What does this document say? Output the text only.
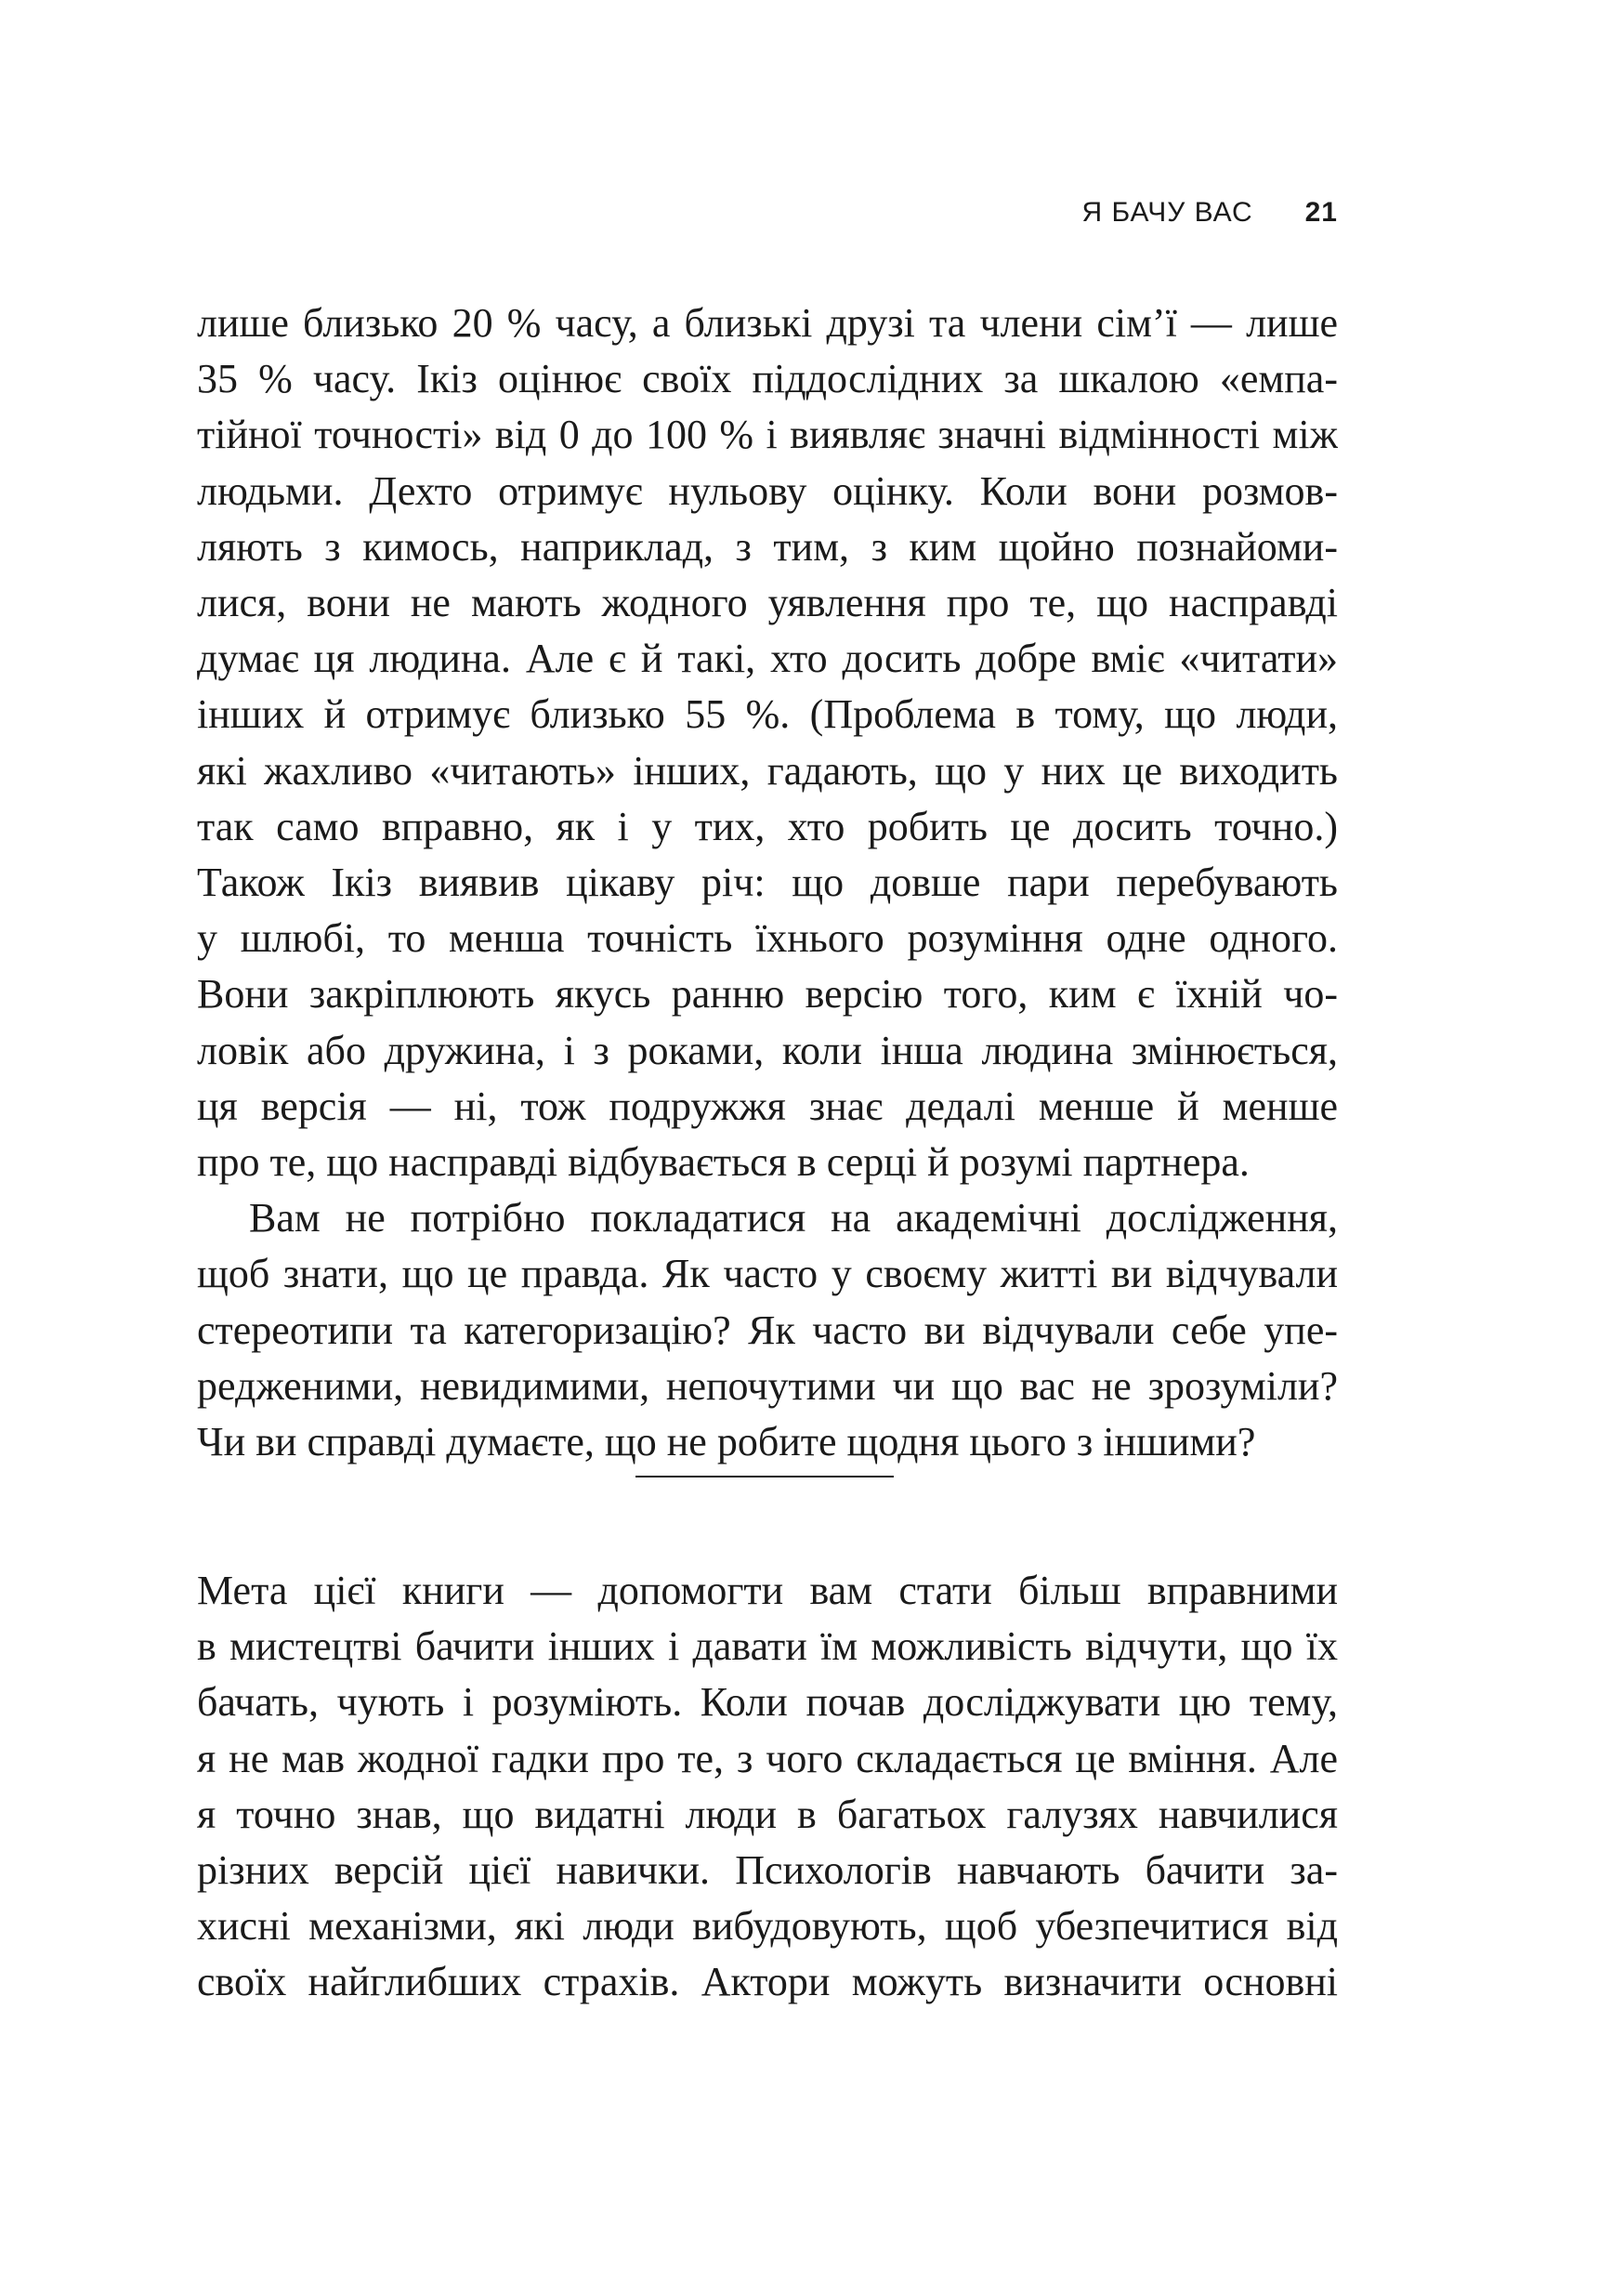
Я БАЧУ ВАС 21
лише близько 20 % часу, а близькі друзі та члени сім’ї — лише
35 % часу. Ікіз оцінює своїх піддослідних за шкалою «емпа-
тійної точності» від 0 до 100 % і виявляє значні відмінності між
людьми. Дехто отримує нульову оцінку. Коли вони розмов-
ляють з кимось, наприклад, з тим, з ким щойно познайоми-
лися, вони не мають жодного уявлення про те, що насправді
думає ця людина. Але є й такі, хто досить добре вміє «читати»
інших й отримує близько 55 %. (Проблема в тому, що люди,
які жахливо «читають» інших, гадають, що у них це виходить
так само вправно, як і у тих, хто робить це досить точно.)
Також Ікіз виявив цікаву річ: що довше пари перебувають
у шлюбі, то менша точність їхнього розуміння одне одного.
Вони закріплюють якусь ранню версію того, ким є їхній чо-
ловік або дружина, і з роками, коли інша людина змінюється,
ця версія — ні, тож подружжя знає дедалі менше й менше
про те, що насправді відбувається в серці й розумі партнера.
Вам не потрібно покладатися на академічні дослідження,
щоб знати, що це правда. Як часто у своєму житті ви відчували
стереотипи та категоризацію? Як часто ви відчували себе упе-
редженими, невидимими, непочутими чи що вас не зрозуміли?
Чи ви справді думаєте, що не робите щодня цього з іншими?
Мета цієї книги — допомогти вам стати більш вправними
в мистецтві бачити інших і давати їм можливість відчути, що їх
бачать, чують і розуміють. Коли почав досліджувати цю тему,
я не мав жодної гадки про те, з чого складається це вміння. Але
я точно знав, що видатні люди в багатьох галузях навчилися
різних версій цієї навички. Психологів навчають бачити за-
хисні механізми, які люди вибудовують, щоб убезпечитися від
своїх найглибших страхів. Актори можуть визначити основні
